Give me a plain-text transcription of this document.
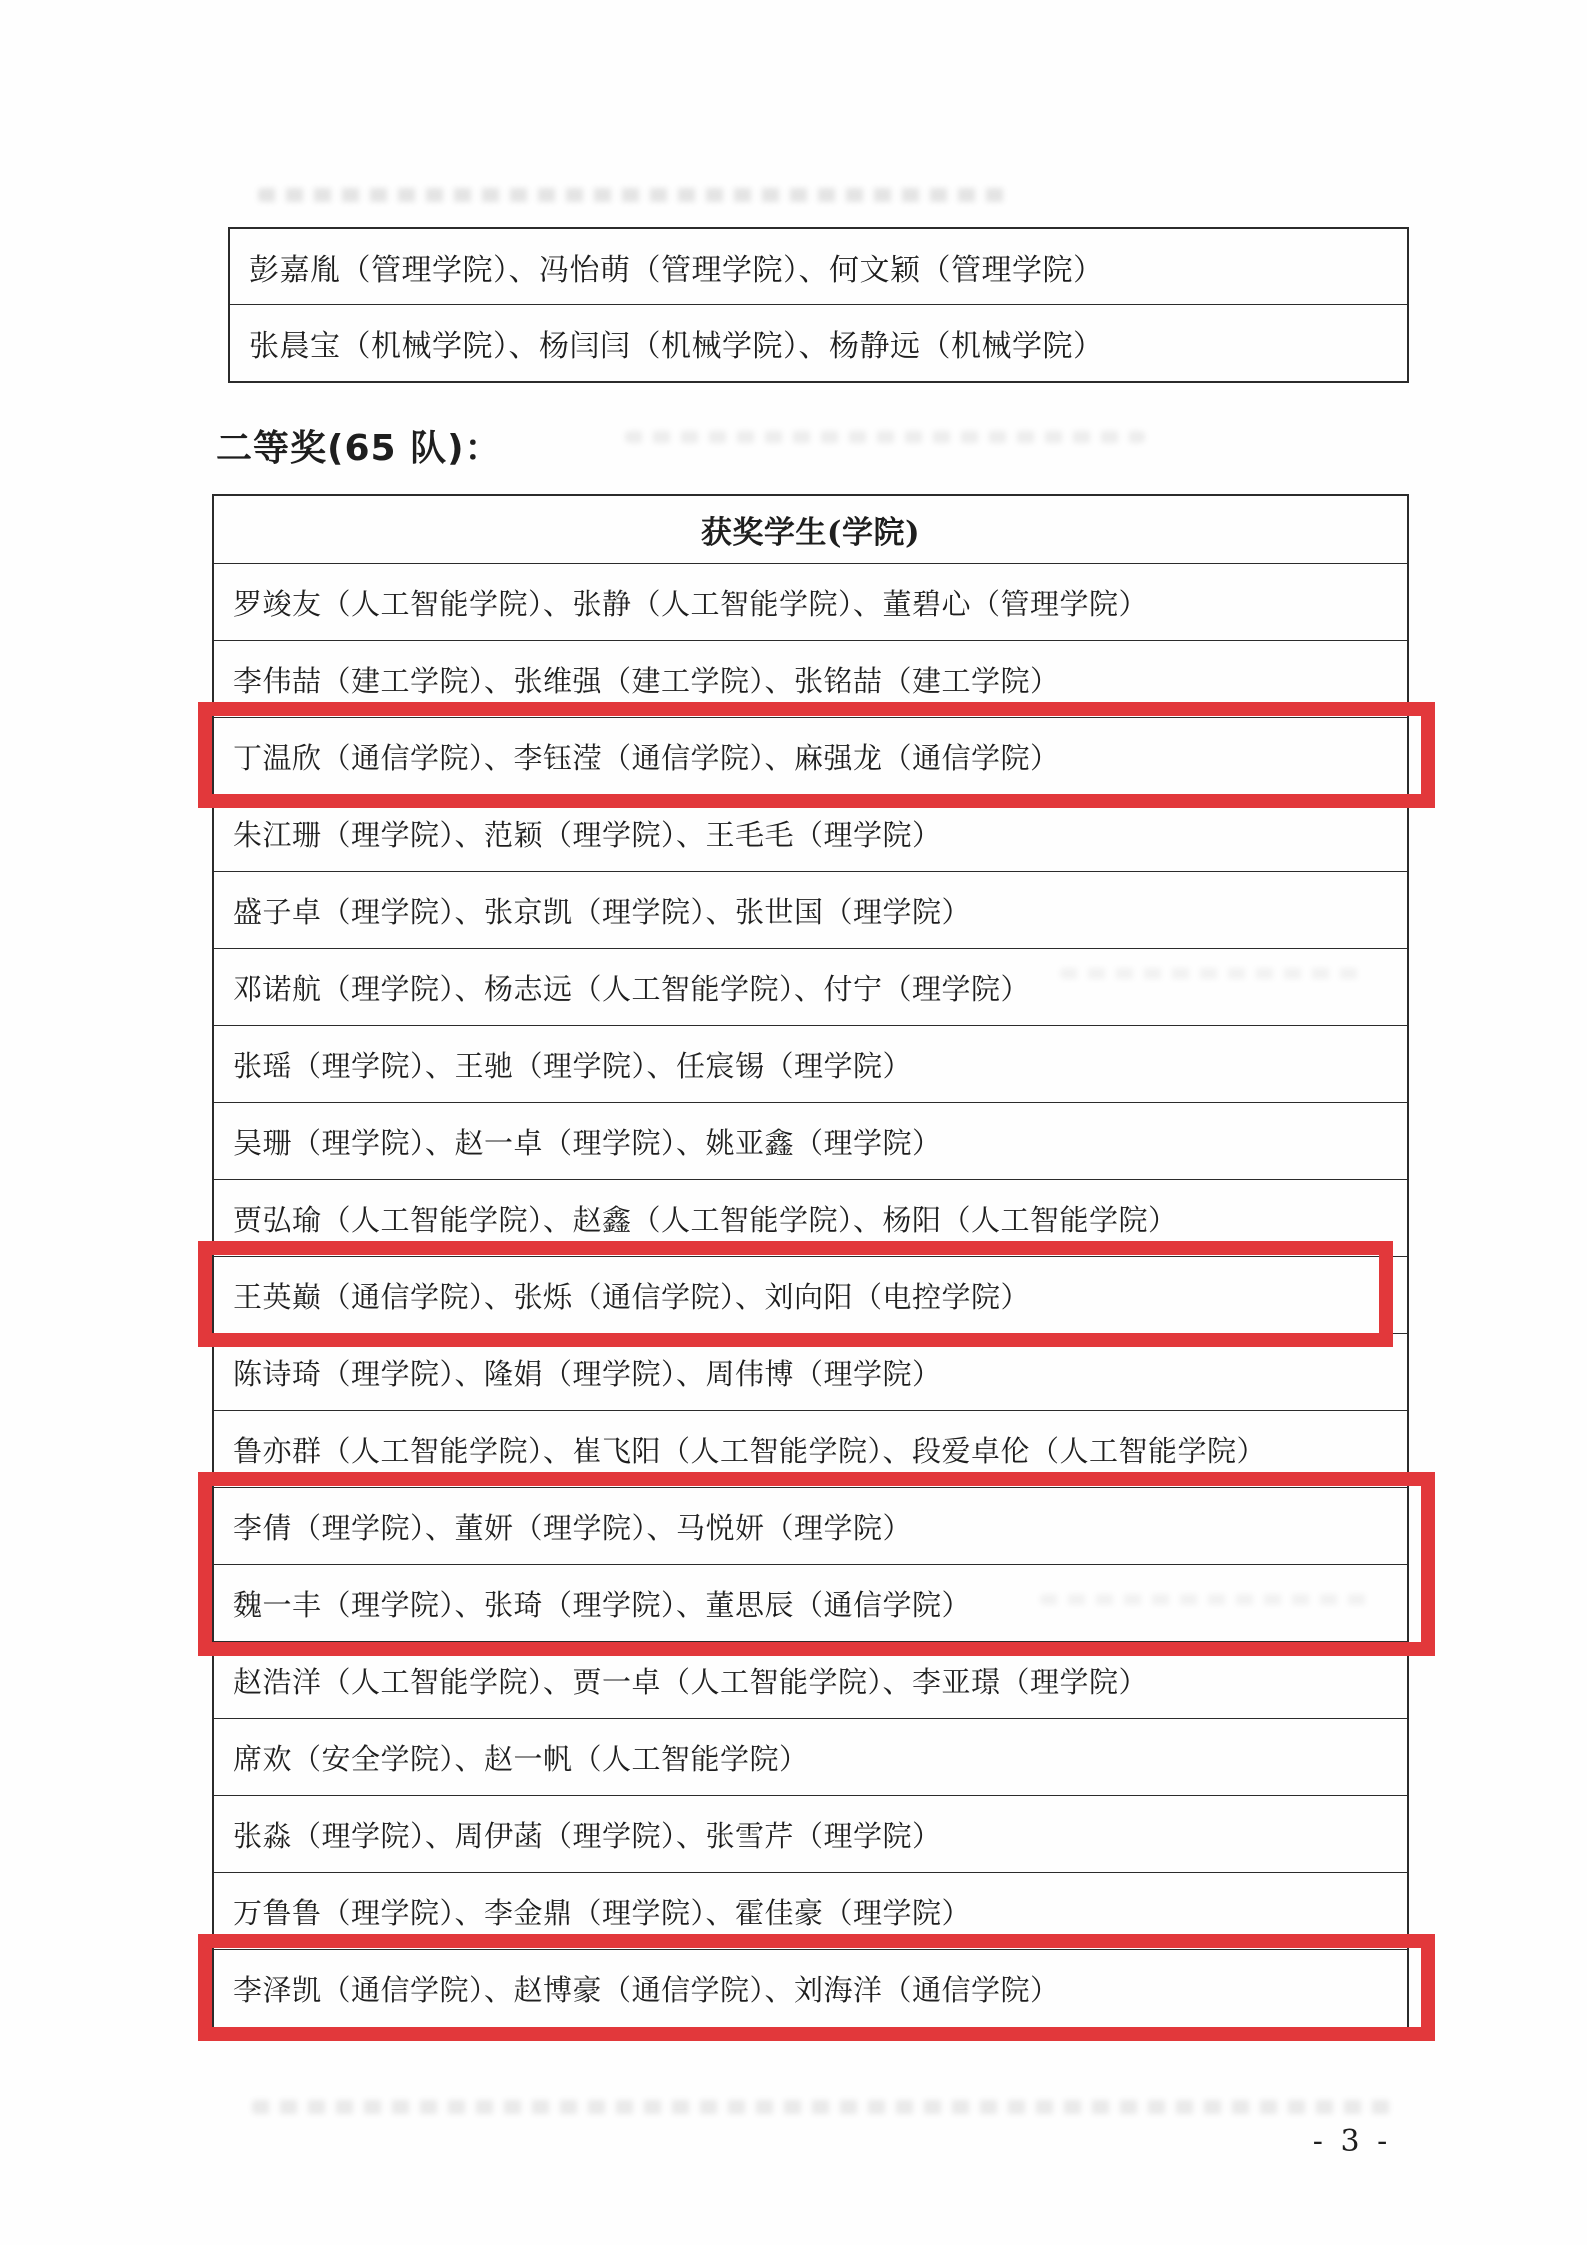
彭嘉胤（管理学院）、冯怡萌（管理学院）、何文颖（管理学院）
张晨宝（机械学院）、杨闫闫（机械学院）、杨静远（机械学院）
二等奖(65 队)：
获奖学生(学院)
罗竣友（人工智能学院）、张静（人工智能学院）、董碧心（管理学院）
李伟喆（建工学院）、张维强（建工学院）、张铭喆（建工学院）
丁温欣（通信学院）、李钰滢（通信学院）、麻强龙（通信学院）
朱江珊（理学院）、范颖（理学院）、王毛毛（理学院）
盛子卓（理学院）、张京凯（理学院）、张世国（理学院）
邓诺航（理学院）、杨志远（人工智能学院）、付宁（理学院）
张瑶（理学院）、王驰（理学院）、任宸锡（理学院）
吴珊（理学院）、赵一卓（理学院）、姚亚鑫（理学院）
贾弘瑜（人工智能学院）、赵鑫（人工智能学院）、杨阳（人工智能学院）
王英巅（通信学院）、张烁（通信学院）、刘向阳（电控学院）
陈诗琦（理学院）、隆娟（理学院）、周伟博（理学院）
鲁亦群（人工智能学院）、崔飞阳（人工智能学院）、段爱卓伦（人工智能学院）
李倩（理学院）、董妍（理学院）、马悦妍（理学院）
魏一丰（理学院）、张琦（理学院）、董思辰（通信学院）
赵浩洋（人工智能学院）、贾一卓（人工智能学院）、李亚璟（理学院）
席欢（安全学院）、赵一帆（人工智能学院）
张淼（理学院）、周伊菡（理学院）、张雪芹（理学院）
万鲁鲁（理学院）、李金鼎（理学院）、霍佳豪（理学院）
李泽凯（通信学院）、赵博豪（通信学院）、刘海洋（通信学院）
- 3 -
